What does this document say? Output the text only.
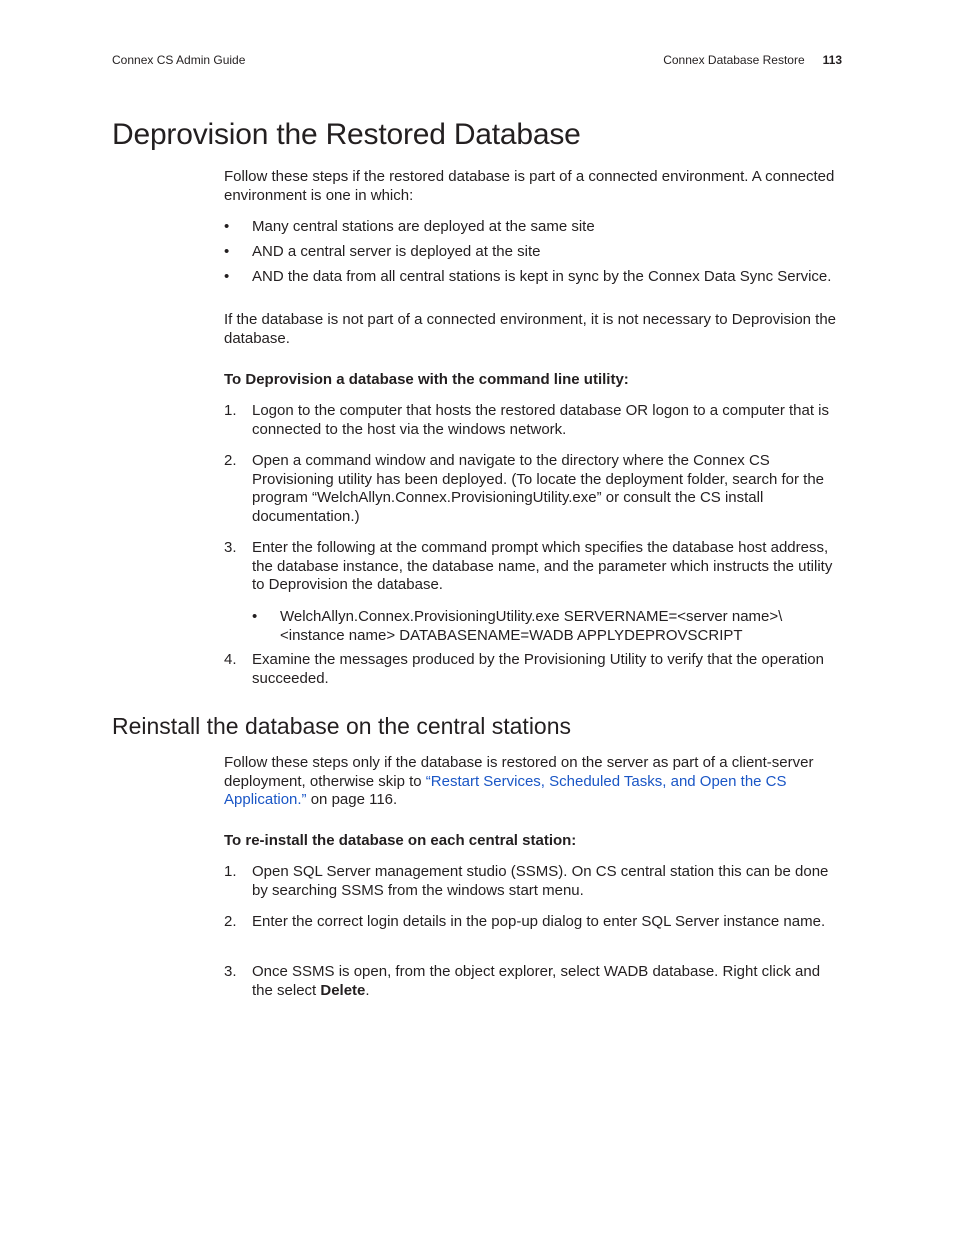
Connex CS Admin Guide	Connex Database Restore 113
Deprovision the Restored Database

Follow these steps if the restored database is part of a connected environment. A connected environment is one in which:

•	Many central stations are deployed at the same site
•	AND a central server is deployed at the site
•	AND the data from all central stations is kept in sync by the Connex Data Sync Service.

If the database is not part of a connected environment, it is not necessary to Deprovision the database.

To Deprovision a database with the command line utility:

1.	Logon to the computer that hosts the restored database OR logon to a computer that is connected to the host via the windows network.
2.	Open a command window and navigate to the directory where the Connex CS Provisioning utility has been deployed. (To locate the deployment folder, search for the program “WelchAllyn.Connex.ProvisioningUtility.exe” or consult the CS install documentation.)
3.	Enter the following at the command prompt which specifies the database host address, the database instance, the database name, and the parameter which instructs the utility to Deprovision the database.
•	WelchAllyn.Connex.ProvisioningUtility.exe SERVERNAME=<server name>\<instance name> DATABASENAME=WADB APPLYDEPROVSCRIPT
4.	Examine the messages produced by the Provisioning Utility to verify that the operation succeeded.
Reinstall the database on the central stations

Follow these steps only if the database is restored on the server as part of a client-server deployment, otherwise skip to “Restart Services, Scheduled Tasks, and Open the CS Application.” on page 116.

To re-install the database on each central station:

1.	Open SQL Server management studio (SSMS). On CS central station this can be done by searching SSMS from the windows start menu.
2.	Enter the correct login details in the pop-up dialog to enter SQL Server instance name.
3.	Once SSMS is open, from the object explorer, select WADB database. Right click and the select Delete.
